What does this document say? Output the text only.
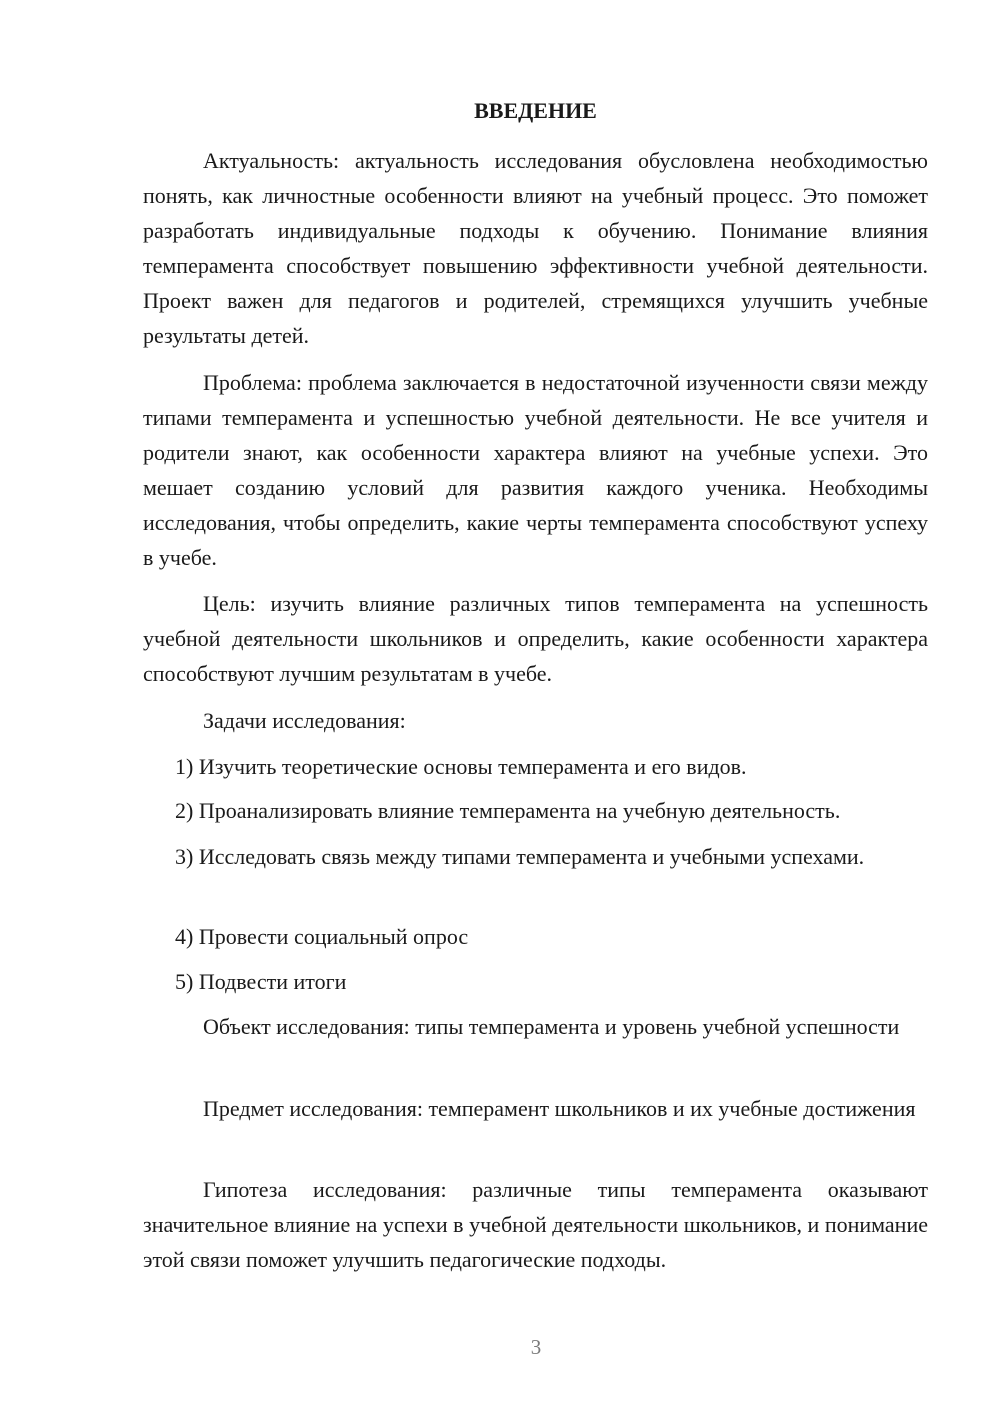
ВВЕДЕНИЕ

Актуальность: актуальность исследования обусловлена необходимостью понять, как личностные особенности влияют на учебный процесс. Это поможет разработать индивидуальные подходы к обучению. Понимание влияния темперамента способствует повышению эффективности учебной деятельности. Проект важен для педагогов и родителей, стремящихся улучшить учебные результаты детей.

Проблема: проблема заключается в недостаточной изученности связи между типами темперамента и успешностью учебной деятельности. Не все учителя и родители знают, как особенности характера влияют на учебные успехи. Это мешает созданию условий для развития каждого ученика. Необходимы исследования, чтобы определить, какие черты темперамента способствуют успеху в учебе.

Цель: изучить влияние различных типов темперамента на успешность учебной деятельности школьников и определить, какие особенности характера способствуют лучшим результатам в учебе.

Задачи исследования:

1) Изучить теоретические основы темперамента и его видов.

2) Проанализировать влияние темперамента на учебную деятельность.

3) Исследовать связь между типами темперамента и учебными успехами.

4) Провести социальный опрос

5) Подвести итоги

Объект исследования: типы темперамента и уровень учебной успешности

Предмет исследования: темперамент школьников и их учебные достижения

Гипотеза исследования: различные типы темперамента оказывают значительное влияние на успехи в учебной деятельности школьников, и понимание этой связи поможет улучшить педагогические подходы.

3
